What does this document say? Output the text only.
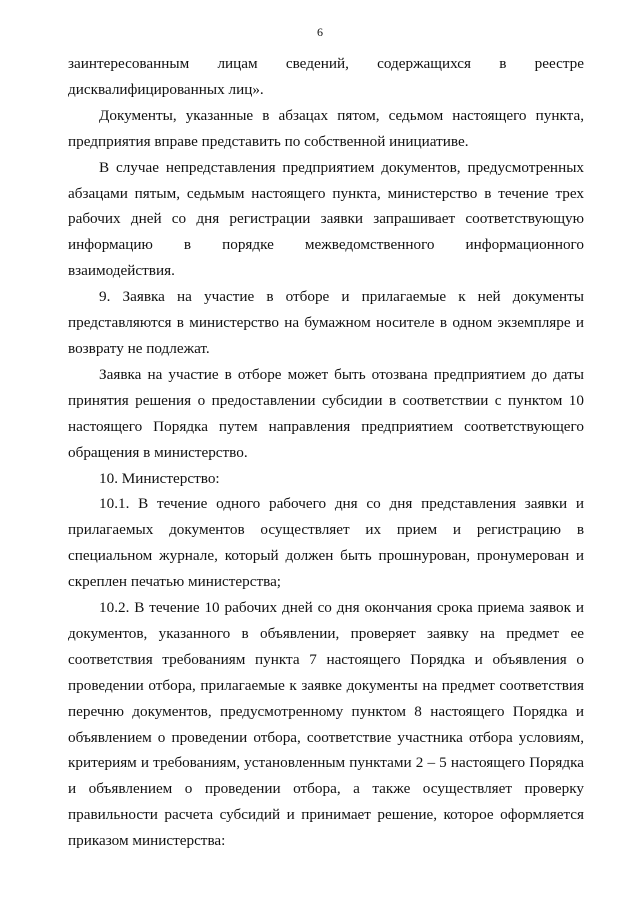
6

заинтересованным лицам сведений, содержащихся в реестре

дисквалифицированных лиц».

Документы, указанные в абзацах пятом, седьмом настоящего пункта, предприятия вправе представить по собственной инициативе.

В случае непредставления предприятием документов, предусмотренных абзацами пятым, седьмым настоящего пункта, министерство в течение трех рабочих дней со дня регистрации заявки запрашивает соответствующую информацию в порядке межведомственного информационного взаимодействия.

9. Заявка на участие в отборе и прилагаемые к ней документы представляются в министерство на бумажном носителе в одном экземпляре и возврату не подлежат.

Заявка на участие в отборе может быть отозвана предприятием до даты принятия решения о предоставлении субсидии в соответствии с пунктом 10 настоящего Порядка путем направления предприятием соответствующего обращения в министерство.

10. Министерство:

10.1. В течение одного рабочего дня со дня представления заявки и прилагаемых документов осуществляет их прием и регистрацию в специальном журнале, который должен быть прошнурован, пронумерован и скреплен печатью министерства;

10.2. В течение 10 рабочих дней со дня окончания срока приема заявок и документов, указанного в объявлении, проверяет заявку на предмет ее соответствия требованиям пункта 7 настоящего Порядка и объявления о проведении отбора, прилагаемые к заявке документы на предмет соответствия перечню документов, предусмотренному пунктом 8 настоящего Порядка и объявлением о проведении отбора, соответствие участника отбора условиям, критериям и требованиям, установленным пунктами 2 – 5 настоящего Порядка и объявлением о проведении отбора, а также осуществляет проверку правильности расчета субсидий и принимает решение, которое оформляется приказом министерства:
